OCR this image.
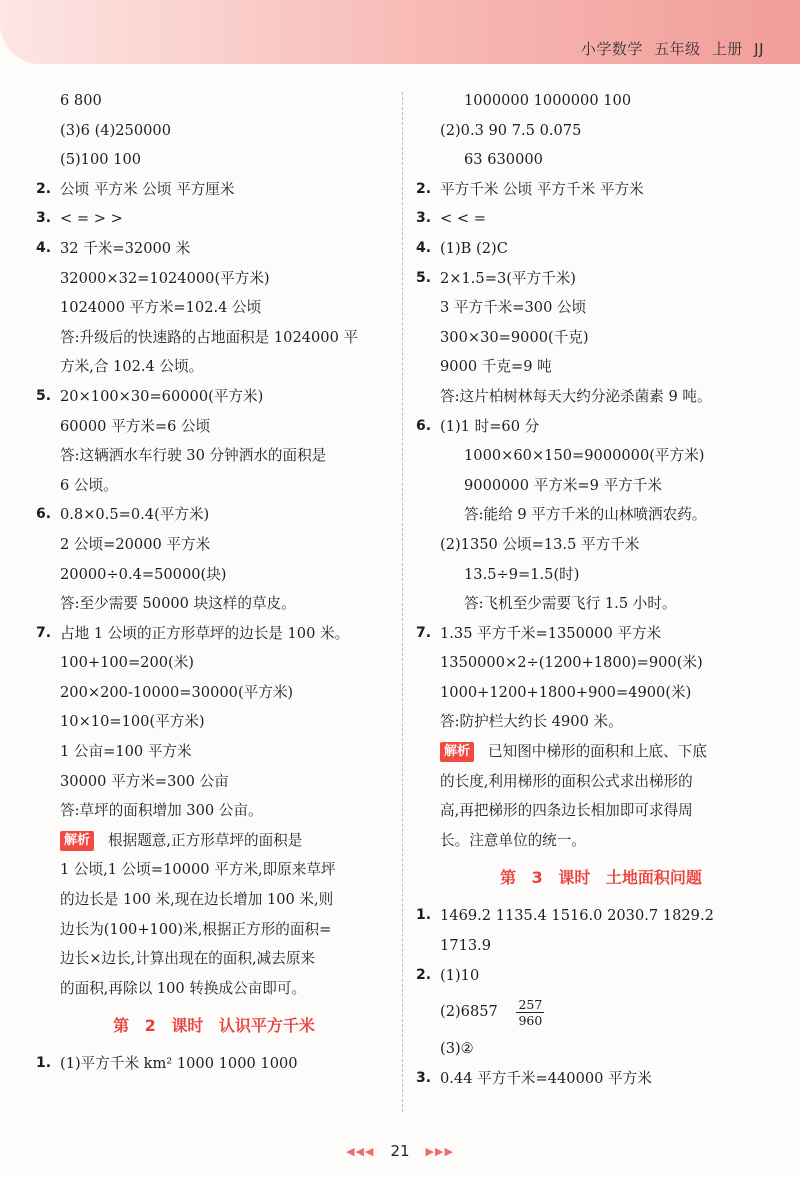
小学数学 五年级 上册 JJ
6 800
(3)6 (4)250000
(5)100 100
2. 公顷 平方米 公顷 平方厘米
3. < = > >
4. 32 千米=32000 米
32000×32=1024000(平方米)
1024000 平方米=102.4 公顷
答:升级后的快速路的占地面积是 1024000 平
方米,合 102.4 公顷。
5. 20×100×30=60000(平方米)
60000 平方米=6 公顷
答:这辆洒水车行驶 30 分钟洒水的面积是
6 公顷。
6. 0.8×0.5=0.4(平方米)
2 公顷=20000 平方米
20000÷0.4=50000(块)
答:至少需要 50000 块这样的草皮。
7. 占地 1 公顷的正方形草坪的边长是 100 米。
100+100=200(米)
200×200-10000=30000(平方米)
10×10=100(平方米)
1 公亩=100 平方米
30000 平方米=300 公亩
答:草坪的面积增加 300 公亩。
解析 根据题意,正方形草坪的面积是
1 公顷,1 公顷=10000 平方米,即原来草坪
的边长是 100 米,现在边长增加 100 米,则
边长为(100+100)米,根据正方形的面积=
边长×边长,计算出现在的面积,减去原来
的面积,再除以 100 转换成公亩即可。
第 2 课时 认识平方千米
1. (1)平方千米 km² 1000 1000 1000
1000000 1000000 100
(2)0.3 90 7.5 0.075
63 630000
2. 平方千米 公顷 平方千米 平方米
3. < < =
4. (1)B (2)C
5. 2×1.5=3(平方千米)
3 平方千米=300 公顷
300×30=9000(千克)
9000 千克=9 吨
答:这片柏树林每天大约分泌杀菌素 9 吨。
6. (1)1 时=60 分
1000×60×150=9000000(平方米)
9000000 平方米=9 平方千米
答:能给 9 平方千米的山林喷洒农药。
(2)1350 公顷=13.5 平方千米
13.5÷9=1.5(时)
答:飞机至少需要飞行 1.5 小时。
7. 1.35 平方千米=1350000 平方米
1350000×2÷(1200+1800)=900(米)
1000+1200+1800+900=4900(米)
答:防护栏大约长 4900 米。
解析 已知图中梯形的面积和上底、下底
的长度,利用梯形的面积公式求出梯形的
高,再把梯形的四条边长相加即可求得周
长。注意单位的统一。
第 3 课时 土地面积问题
1. 1469.2 1135.4 1516.0 2030.7 1829.2
1713.9
2. (1)10
$(2)6857 \frac{257}{960}$
(3)②
3. 0.44 平方千米=440000 平方米
◀◀◀ 21 ▶▶▶
